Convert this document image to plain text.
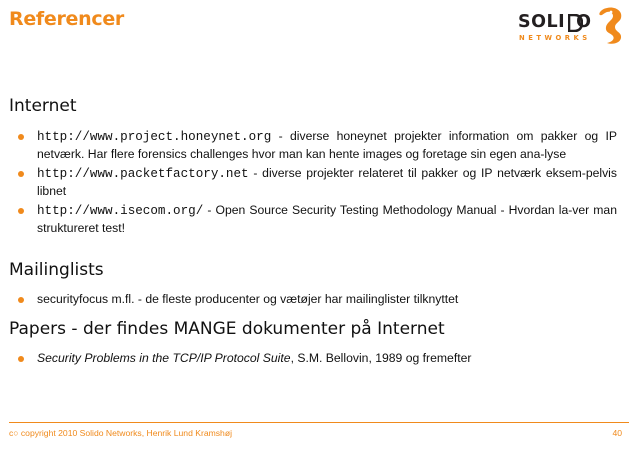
Referencer	SOLI O
NETWORKS
Internet
http://www.project.honeynet.org - diverse honeynet projekter information om pakker og IP netværk. Har flere forensics challenges hvor man kan hente images og foretage sin egen ana-lyse
http://www.packetfactory.net - diverse projekter relateret til pakker og IP netværk eksem-pelvis libnet
http://www.isecom.org/ - Open Source Security Testing Methodology Manual - Hvordan la-ver man struktureret test!
Mailinglists
securityfocus m.fl. - de fleste producenter og vætøjer har mailinglister tilknyttet
Papers - der findes MANGE dokumenter på Internet
Security Problems in the TCP/IP Protocol Suite, S.M. Bellovin, 1989 og fremefter
c○ copyright 2010 Solido Networks, Henrik Lund Kramshøj	40
